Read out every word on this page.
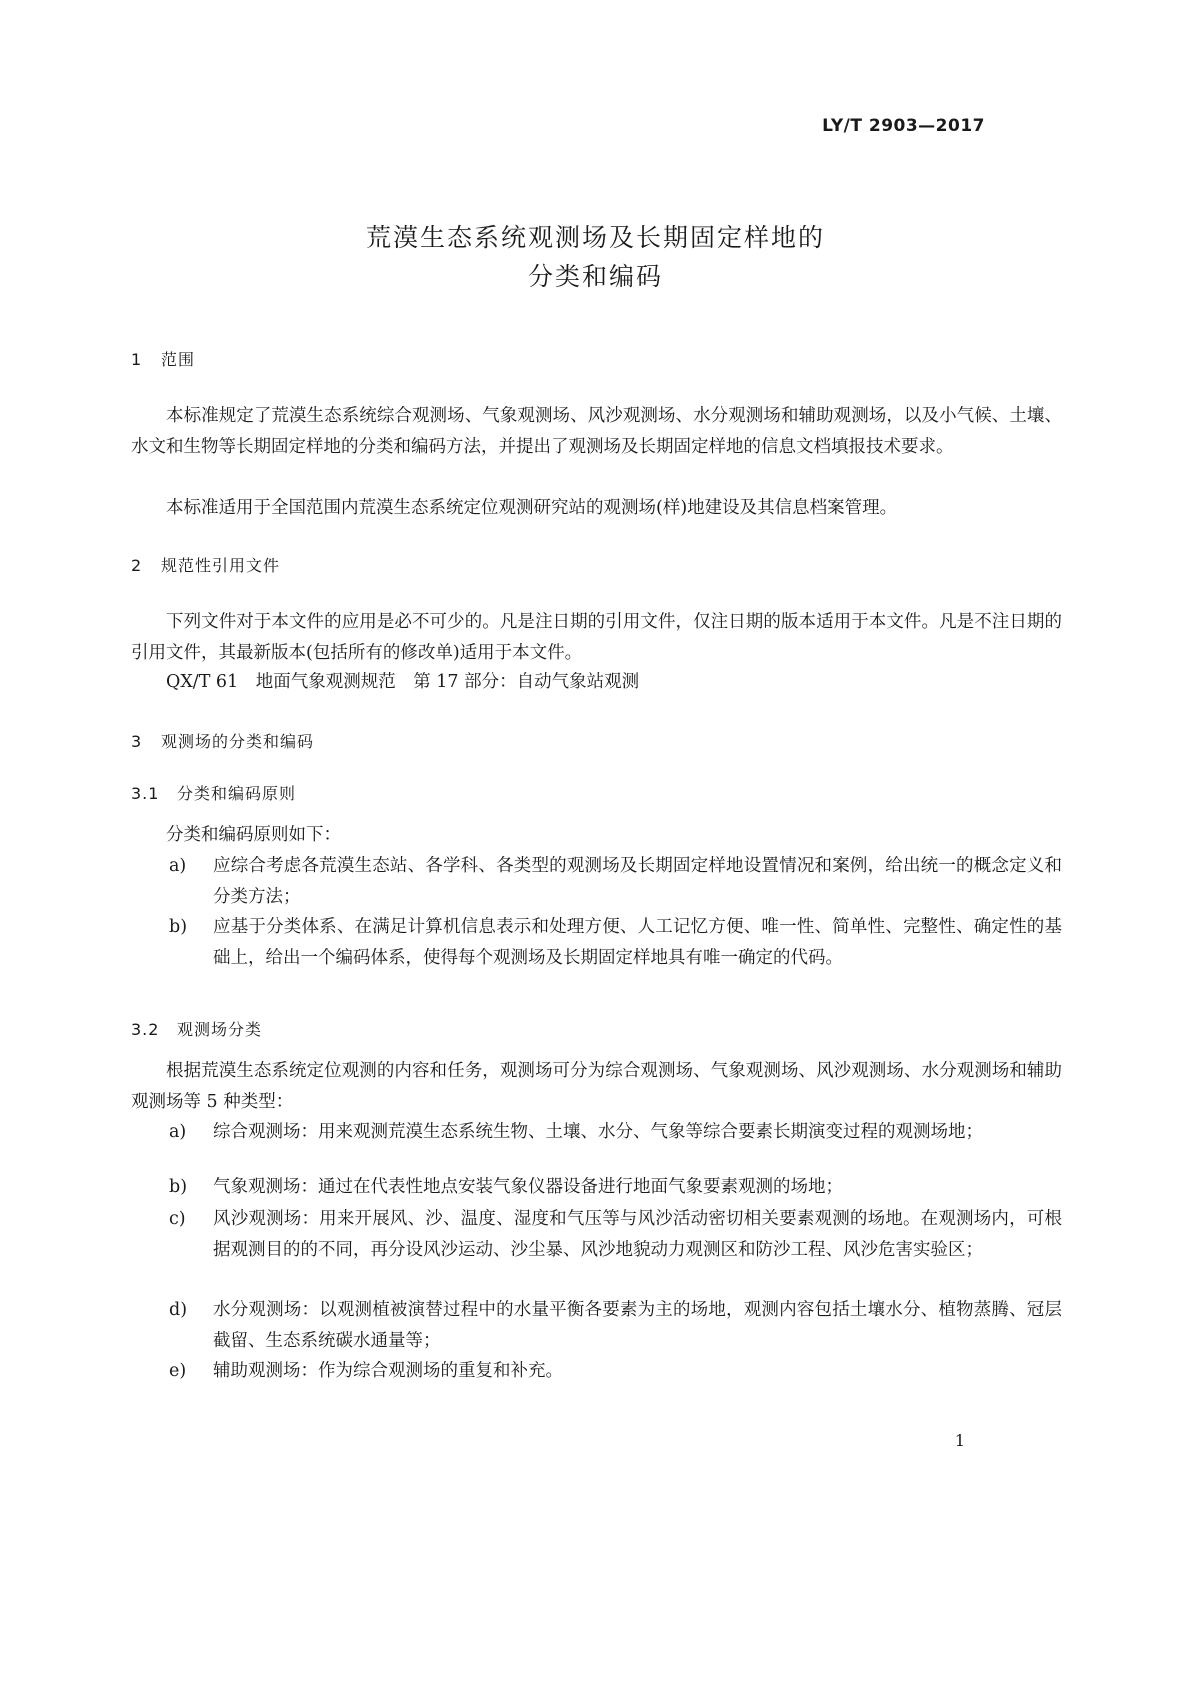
LY/T 2903—2017
荒漠生态系统观测场及长期固定样地的
分类和编码
1 范围

本标准规定了荒漠生态系统综合观测场、气象观测场、风沙观测场、水分观测场和辅助观测场，以及小气候、土壤、水文和生物等长期固定样地的分类和编码方法，并提出了观测场及长期固定样地的信息文档填报技术要求。

本标准适用于全国范围内荒漠生态系统定位观测研究站的观测场(样)地建设及其信息档案管理。

2 规范性引用文件

下列文件对于本文件的应用是必不可少的。凡是注日期的引用文件，仅注日期的版本适用于本文件。凡是不注日期的引用文件，其最新版本(包括所有的修改单)适用于本文件。

QX/T 61　地面气象观测规范　第 17 部分：自动气象站观测
3 观测场的分类和编码
3.1 分类和编码原则
分类和编码原则如下：
a) 应综合考虑各荒漠生态站、各学科、各类型的观测场及长期固定样地设置情况和案例，给出统一的概念定义和分类方法；
b) 应基于分类体系、在满足计算机信息表示和处理方便、人工记忆方便、唯一性、简单性、完整性、确定性的基础上，给出一个编码体系，使得每个观测场及长期固定样地具有唯一确定的代码。
3.2 观测场分类

根据荒漠生态系统定位观测的内容和任务，观测场可分为综合观测场、气象观测场、风沙观测场、水分观测场和辅助观测场等 5 种类型：

a) 综合观测场：用来观测荒漠生态系统生物、土壤、水分、气象等综合要素长期演变过程的观测场地；
b) 气象观测场：通过在代表性地点安装气象仪器设备进行地面气象要素观测的场地；
c) 风沙观测场：用来开展风、沙、温度、湿度和气压等与风沙活动密切相关要素观测的场地。在观测场内，可根据观测目的的不同，再分设风沙运动、沙尘暴、风沙地貌动力观测区和防沙工程、风沙危害实验区；
d) 水分观测场：以观测植被演替过程中的水量平衡各要素为主的场地，观测内容包括土壤水分、植物蒸腾、冠层截留、生态系统碳水通量等；
e) 辅助观测场：作为综合观测场的重复和补充。
1
